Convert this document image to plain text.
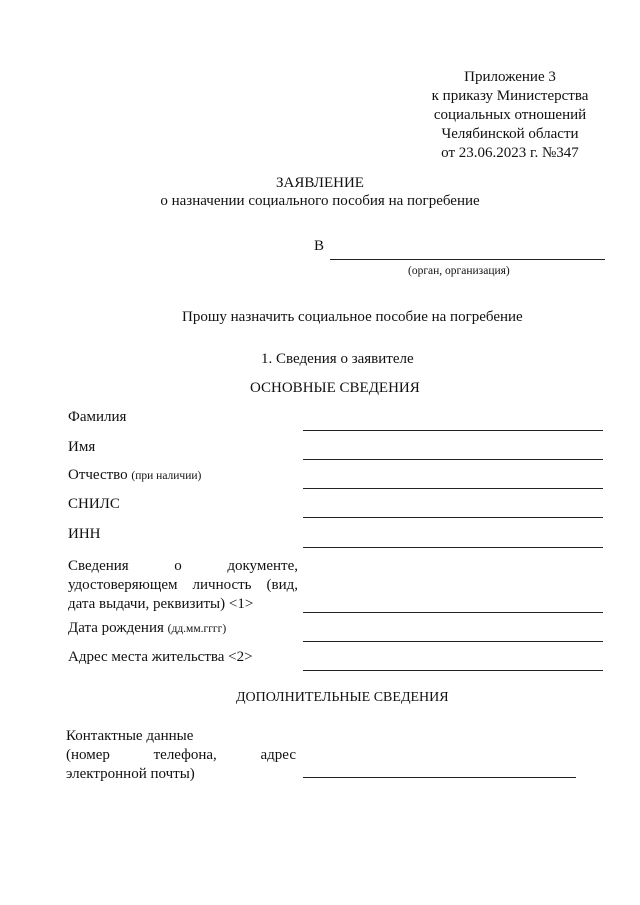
Приложение 3
к приказу Министерства
социальных отношений
Челябинской области
от 23.06.2023 г. №347
ЗАЯВЛЕНИЕ
о назначении социального пособия на погребение
В
(орган, организация)
Прошу назначить социальное пособие на погребение
1. Сведения о заявителе
ОСНОВНЫЕ СВЕДЕНИЯ
Фамилия
Имя
Отчество (при наличии)
СНИЛС
ИНН
Сведения о документе,
удостоверяющем личность (вид,
дата выдачи, реквизиты) <1>
Дата рождения (дд.мм.гггг)
Адрес места жительства <2>
ДОПОЛНИТЕЛЬНЫЕ СВЕДЕНИЯ
Контактные данные
(номер телефона, адрес
электронной почты)
